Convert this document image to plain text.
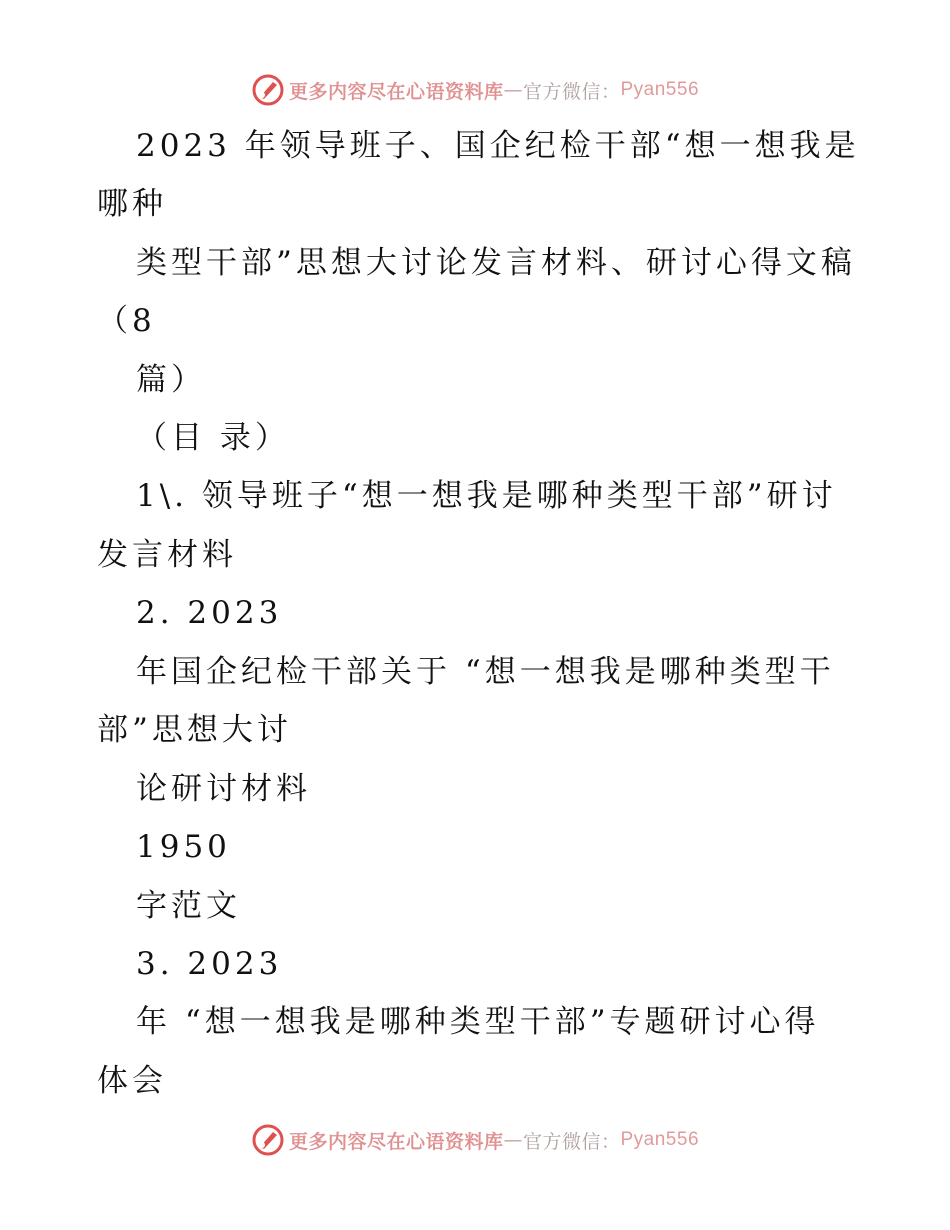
更多内容尽在心语资料库 — 官方微信： Pyan556
2023 年领导班子、国企纪检干部“想一想我是
哪种
类型干部”思想大讨论发言材料、研讨心得文稿
（8
篇）
（目 录）
1\. 领导班子“想一想我是哪种类型干部”研讨
发言材料
2. 2023
年国企纪检干部关于 “想一想我是哪种类型干
部”思想大讨
论研讨材料
1950
字范文
3. 2023
年 “想一想我是哪种类型干部”专题研讨心得
体会
更多内容尽在心语资料库 — 官方微信： Pyan556
